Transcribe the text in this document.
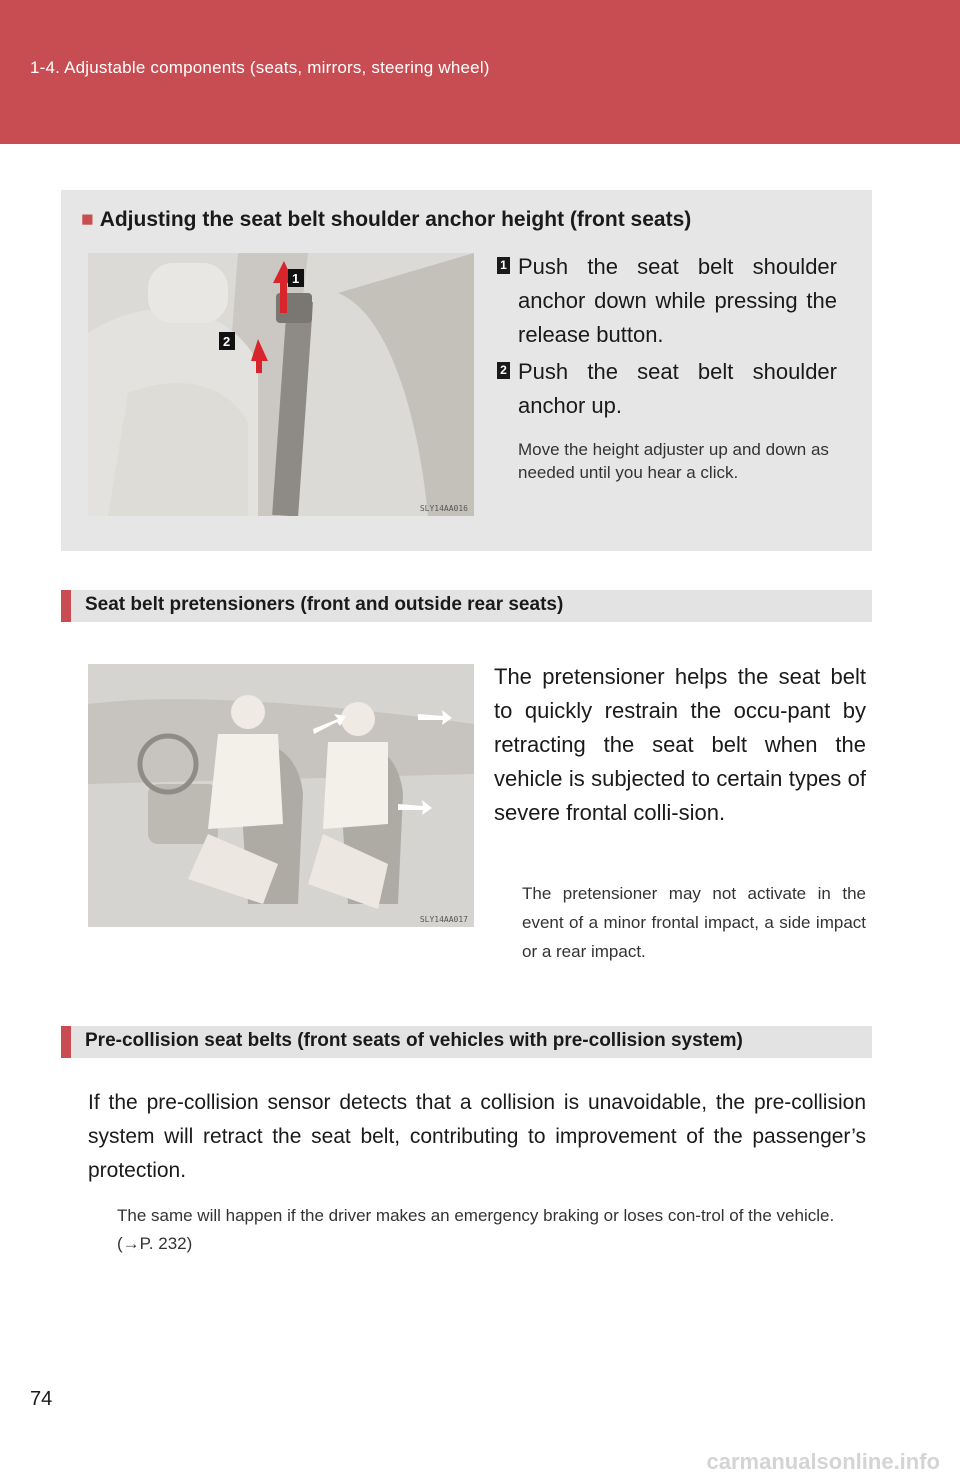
1-4. Adjustable components (seats, mirrors, steering wheel)
■ Adjusting the seat belt shoulder anchor height (front seats)
1
2
SLY14AA016
1 Push the seat belt shoulder anchor down while pressing the release button.
2 Push the seat belt shoulder anchor up.
Move the height adjuster up and down as needed until you hear a click.
Seat belt pretensioners (front and outside rear seats)
SLY14AA017
The pretensioner helps the seat belt to quickly restrain the occu-pant by retracting the seat belt when the vehicle is subjected to certain types of severe frontal colli-sion.
The pretensioner may not activate in the event of a minor frontal impact, a side impact or a rear impact.
Pre-collision seat belts (front seats of vehicles with pre-collision system)
If the pre-collision sensor detects that a collision is unavoidable, the pre-collision system will retract the seat belt, contributing to improvement of the passenger’s protection.
The same will happen if the driver makes an emergency braking or loses con-trol of the vehicle. (→P. 232)
74
carmanualsonline.info
